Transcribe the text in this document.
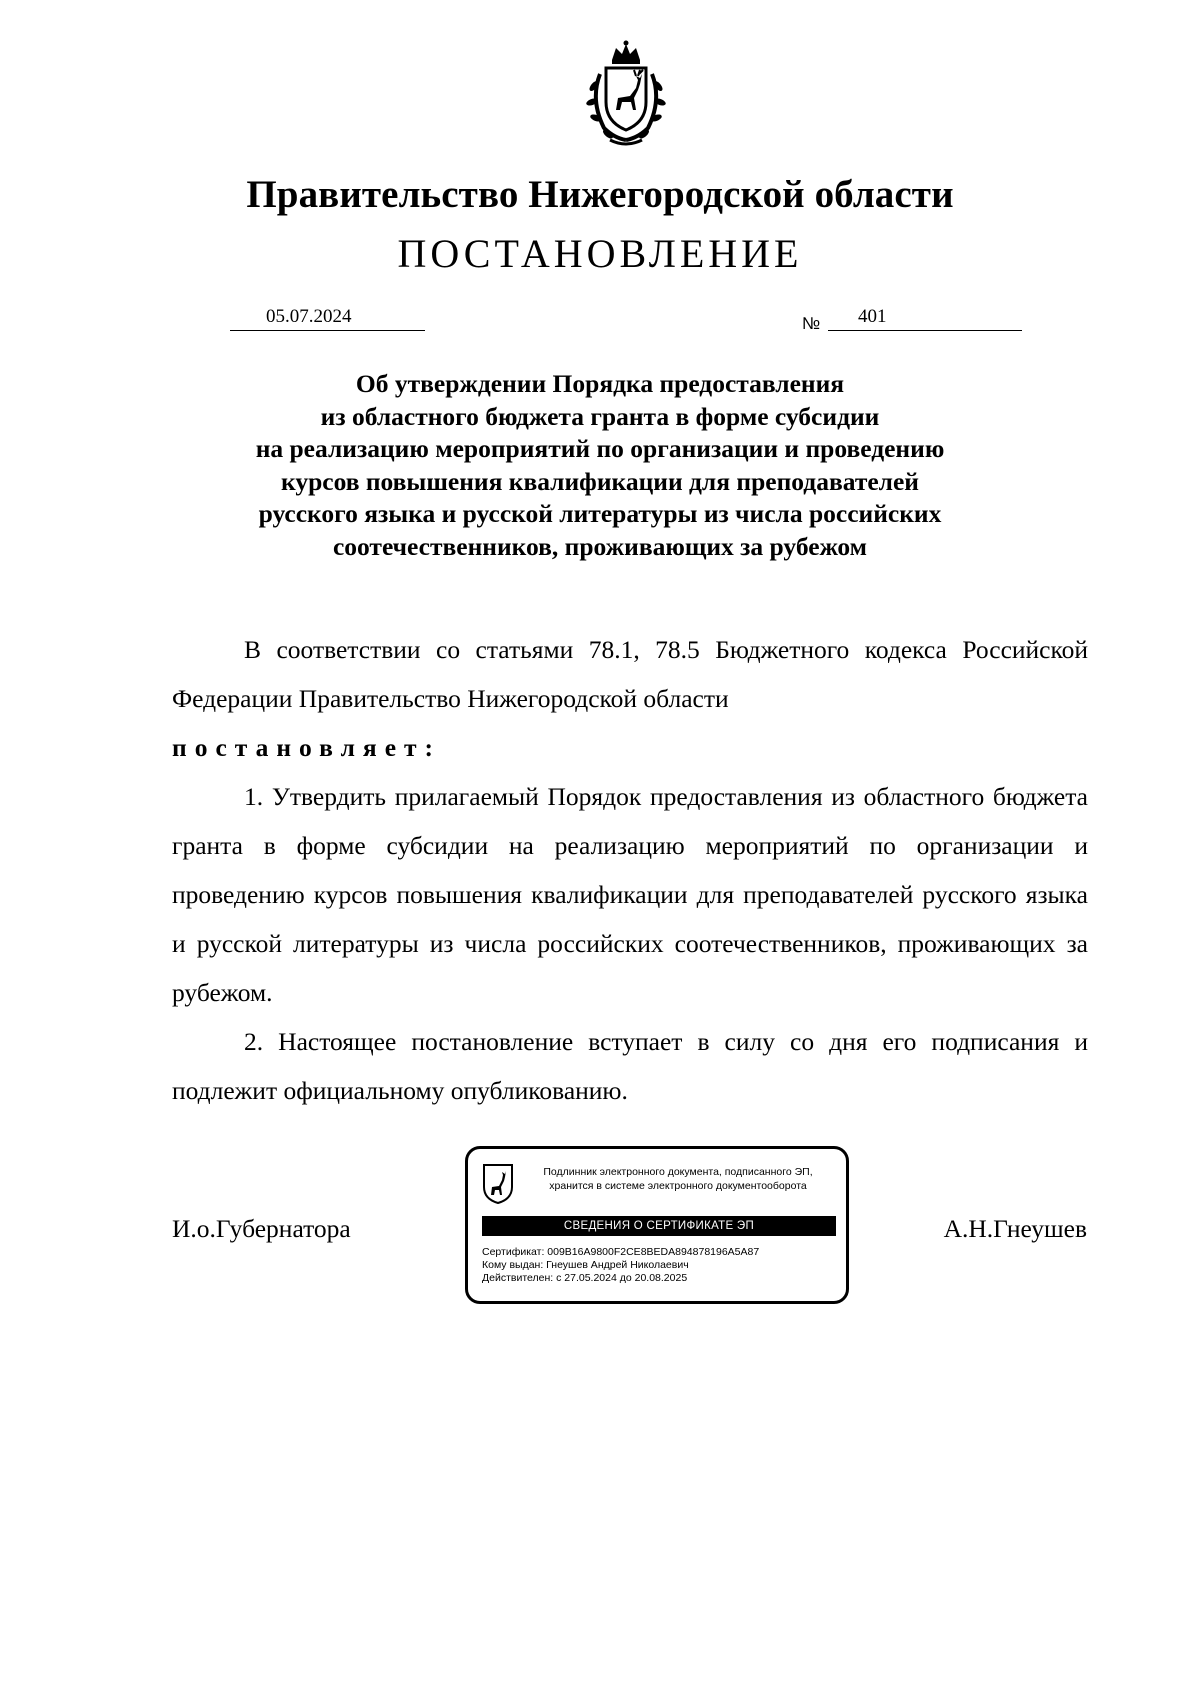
Правительство Нижегородской области
ПОСТАНОВЛЕНИЕ
05.07.2024	№ 401
Об утверждении Порядка предоставления
из областного бюджета гранта в форме субсидии
на реализацию мероприятий по организации и проведению
курсов повышения квалификации для преподавателей
русского языка и русской литературы из числа российских
соотечественников, проживающих за рубежом

В соответствии со статьями 78.1, 78.5 Бюджетного кодекса Российской Федерации Правительство Нижегородской области

постановляет:

1. Утвердить прилагаемый Порядок предоставления из областного бюджета гранта в форме субсидии на реализацию мероприятий по организации и проведению курсов повышения квалификации для преподавателей русского языка и русской литературы из числа российских соотечественников, проживающих за рубежом.

2. Настоящее постановление вступает в силу со дня его подписания и подлежит официальному опубликованию.

И.о.Губернатора	А.Н.Гнеушев
Подлинник электронного документа, подписанного ЭП,
хранится в системе электронного документооборота
СВЕДЕНИЯ О СЕРТИФИКАТЕ ЭП
Сертификат: 009B16A9800F2CE8BEDA894878196A5A87
Кому выдан: Гнеушев Андрей Николаевич
Действителен: с 27.05.2024 до 20.08.2025
